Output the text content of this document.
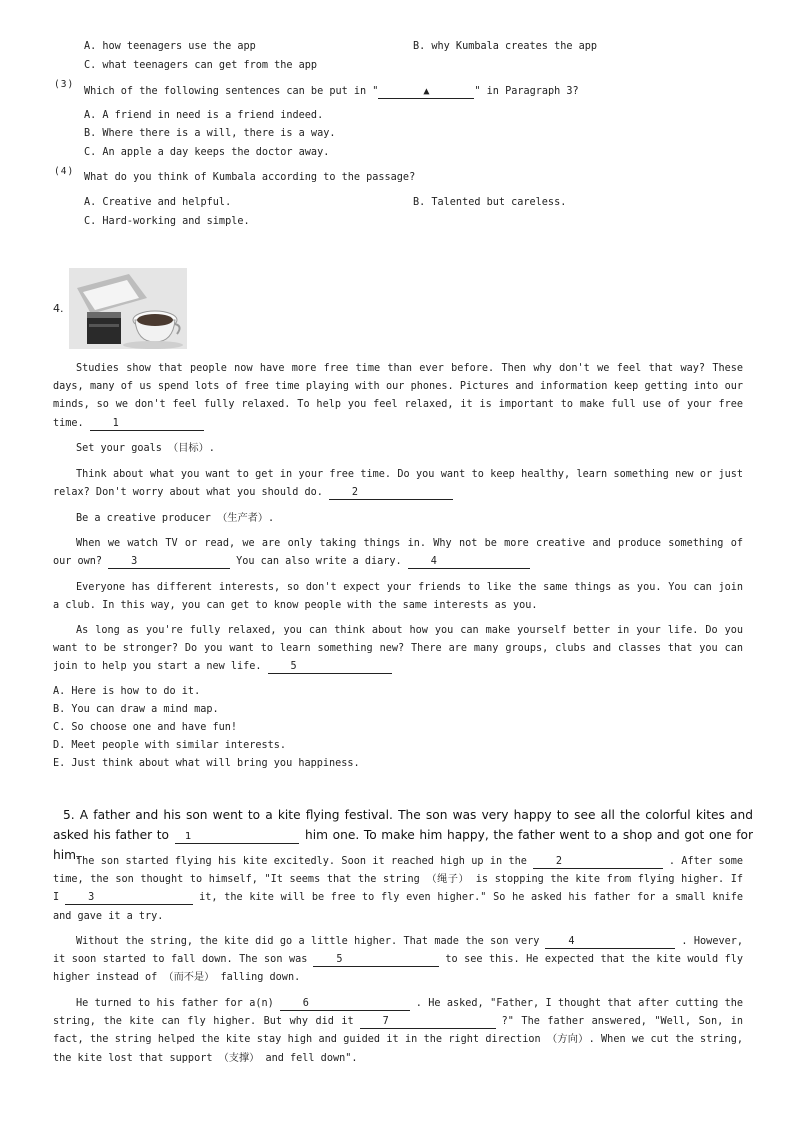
A. how teenagers use the app	B. why Kumbala creates the app
C. what teenagers can get from the app
(3)
Which of the following sentences can be put in "	▲	" in Paragraph 3?
A. A friend in need is a friend indeed.
B. Where there is a will, there is a way.
C. An apple a day keeps the doctor away.
(4)
What do you think of Kumbala according to the passage?
A. Creative and helpful.	B. Talented but careless.
C. Hard-working and simple.
4.
Studies show that people now have more free time than ever before. Then why don't we feel that way? These days, many of us spend lots of free time playing with our phones. Pictures and information keep getting into our minds, so we don't feel fully relaxed. To help you feel relaxed, it is important to make full use of your free time.	1
Set your goals （目标）.
Think about what you want to get in your free time. Do you want to keep healthy, learn something new or just relax? Don't worry about what you should do.	2
Be a creative producer （生产者）.
When we watch TV or read, we are only taking things in. Why not be more creative and produce something of our own?	3	You can also write a diary.	4
Everyone has different interests, so don't expect your friends to like the same things as you. You can join a club. In this way, you can get to know people with the same interests as you.
As long as you're fully relaxed, you can think about how you can make yourself better in your life. Do you want to be stronger? Do you want to learn something new? There are many groups, clubs and classes that you can join to help you start a new life.	5
A. Here is how to do it.
B. You can draw a mind map.
C. So choose one and have fun!
D. Meet people with similar interests.
E. Just think about what will bring you happiness.
5. A father and his son went to a kite flying festival. The son was very happy to see all the colorful kites and asked his father to 1	him one. To make him happy, the father went to a shop and got one for him.
The son started flying his kite excitedly. Soon it reached high up in the	2	. After some time, the son thought to himself, "It seems that the string （绳子） is stopping the kite from flying higher. If I	3	it, the kite will be free to fly even higher." So he asked his father for a small knife and gave it a try.
Without the string, the kite did go a little higher. That made the son very	4	. However, it soon started to fall down. The son was	5	to see this. He expected that the kite would fly higher instead of （而不是） falling down.
He turned to his father for a(n)	6	. He asked, "Father, I thought that after cutting the string, the kite can fly higher. But why did it	7	?" The father answered, "Well, Son, in fact, the string helped the kite stay high and guided it in the right direction （方向）. When we cut the string, the kite lost that support （支撑） and fell down".
